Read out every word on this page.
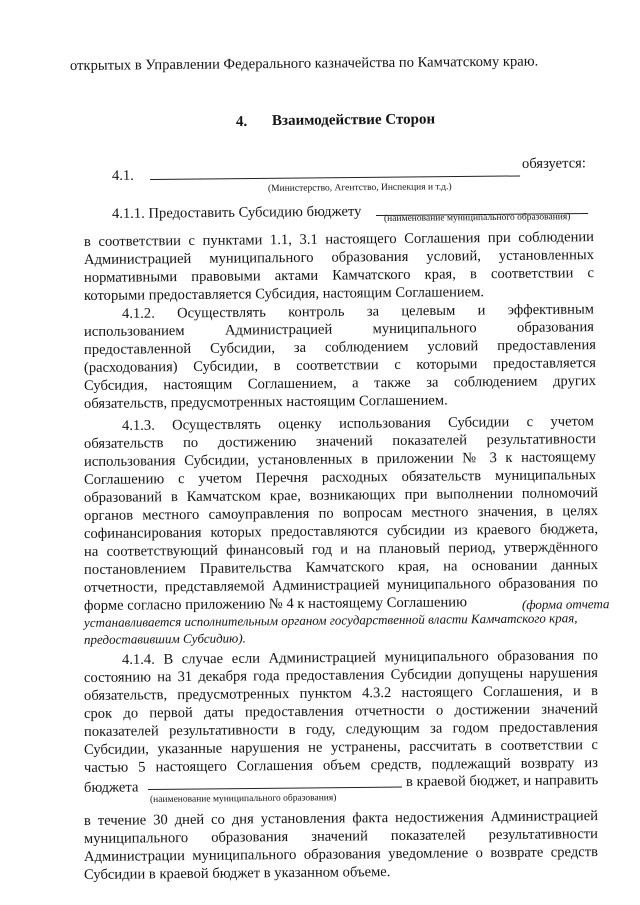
открытых в Управлении Федерального казначейства по Камчатскому краю.
4. Взаимодействие Сторон
4.1.
обязуется:
(Министерство, Агентство, Инспекция и т.д.)
4.1.1. Предоставить Субсидию бюджету (наименование муниципального образования)
в соответствии с пунктами 1.1, 3.1 настоящего Соглашения при соблюдении
Администрацией муниципального образования условий, установленных
нормативными правовыми актами Камчатского края, в соответствии с
которыми предоставляется Субсидия, настоящим Соглашением.
4.1.2. Осуществлять контроль за целевым и эффективным
использованием Администрацией муниципального образования
предоставленной Субсидии, за соблюдением условий предоставления
(расходования) Субсидии, в соответствии с которыми предоставляется
Субсидия, настоящим Соглашением, а также за соблюдением других
обязательств, предусмотренных настоящим Соглашением.
4.1.3. Осуществлять оценку использования Субсидии с учетом
обязательств по достижению значений показателей результативности
использования Субсидии, установленных в приложении № 3 к настоящему
Соглашению с учетом Перечня расходных обязательств муниципальных
образований в Камчатском крае, возникающих при выполнении полномочий
органов местного самоуправления по вопросам местного значения, в целях
софинансирования которых предоставляются субсидии из краевого бюджета,
на соответствующий финансовый год и на плановый период, утверждённого
постановлением Правительства Камчатского края, на основании данных
отчетности, представляемой Администрацией муниципального образования по
форме согласно приложению № 4 к настоящему Соглашению	(форма отчета
устанавливается исполнительным органом государственной власти Камчатского края,
предоставившим Субсидию).
4.1.4. В случае если Администрацией муниципального образования по
состоянию на 31 декабря года предоставления Субсидии допущены нарушения
обязательств, предусмотренных пунктом 4.3.2 настоящего Соглашения, и в
срок до первой даты предоставления отчетности о достижении значений
показателей результативности в году, следующим за годом предоставления
Субсидии, указанные нарушения не устранены, рассчитать в соответствии с
частью 5 настоящего Соглашения объем средств, подлежащий возврату из
бюджета	в краевой бюджет, и направить
(наименование муниципального образования)
в течение 30 дней со дня установления факта недостижения Администрацией
муниципального образования значений показателей результативности
Администрации муниципального образования уведомление о возврате средств
Субсидии в краевой бюджет в указанном объеме.
